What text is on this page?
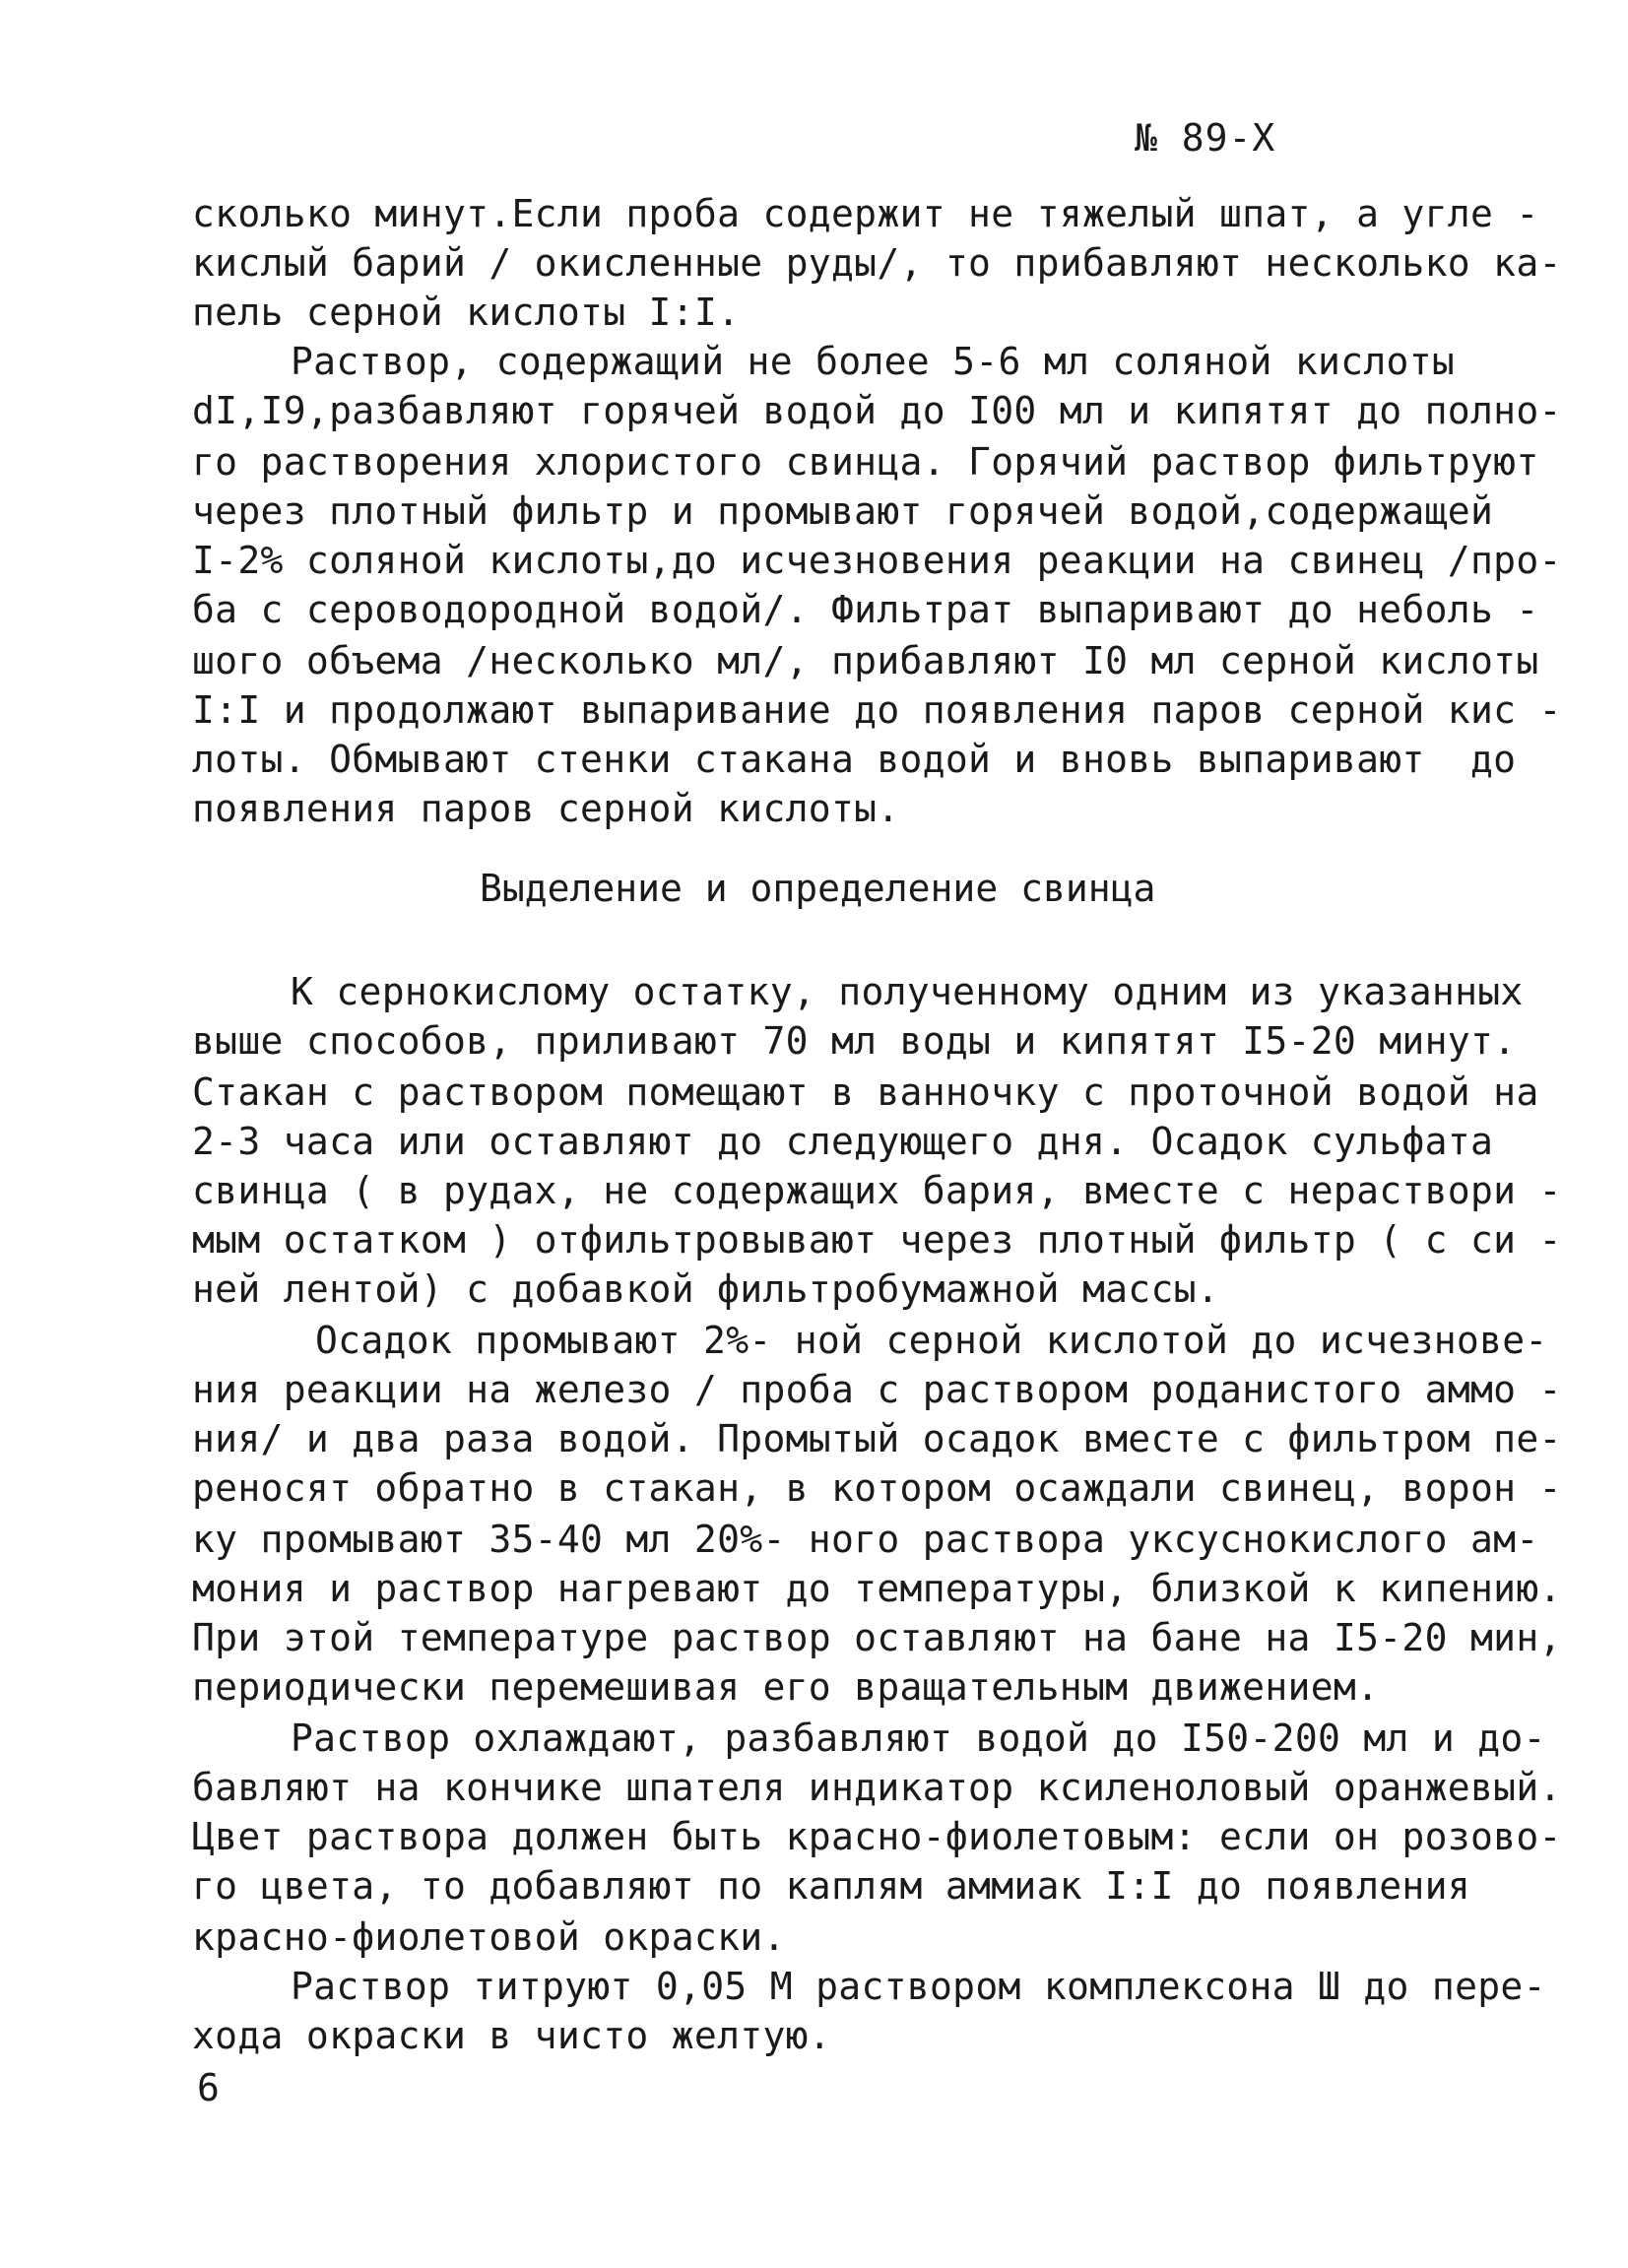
№ 89-Х
сколько минут.Если проба содержит не тяжелый шпат, а угле -
кислый барий / окисленные руды/, то прибавляют несколько ка-
пель серной кислоты I:I.
Раствор, содержащий не более 5-6 мл соляной кислоты
dI,I9,разбавляют горячей водой до I00 мл и кипятят до полно-
го растворения хлористого свинца. Горячий раствор фильтруют
через плотный фильтр и промывают горячей водой,содержащей
I-2% соляной кислоты,до исчезновения реакции на свинец /про-
ба с сероводородной водой/. Фильтрат выпаривают до неболь -
шого объема /несколько мл/, прибавляют I0 мл серной кислоты
I:I и продолжают выпаривание до появления паров серной кис -
лоты. Обмывают стенки стакана водой и вновь выпаривают  до
появления паров серной кислоты.
Выделение и определение свинца
К сернокислому остатку, полученному одним из указанных
выше способов, приливают 70 мл воды и кипятят I5-20 минут.
Стакан с раствором помещают в ванночку с проточной водой на
2-3 часа или оставляют до следующего дня. Осадок сульфата
свинца ( в рудах, не содержащих бария, вместе с нераствори -
мым остатком ) отфильтровывают через плотный фильтр ( с си -
ней лентой) с добавкой фильтробумажной массы.
Осадок промывают 2%- ной серной кислотой до исчезнове-
ния реакции на железо / проба с раствором роданистого аммо -
ния/ и два раза водой. Промытый осадок вместе с фильтром пе-
реносят обратно в стакан, в котором осаждали свинец, ворон -
ку промывают 35-40 мл 20%- ного раствора уксуснокислого ам-
мония и раствор нагревают до температуры, близкой к кипению.
При этой температуре раствор оставляют на бане на I5-20 мин,
периодически перемешивая его вращательным движением.
Раствор охлаждают, разбавляют водой до I50-200 мл и до-
бавляют на кончике шпателя индикатор ксиленоловый оранжевый.
Цвет раствора должен быть красно-фиолетовым: если он розово-
го цвета, то добавляют по каплям аммиак I:I до появления
красно-фиолетовой окраски.
Раствор титруют 0,05 М раствором комплексона Ш до пере-
хода окраски в чисто желтую.
6
